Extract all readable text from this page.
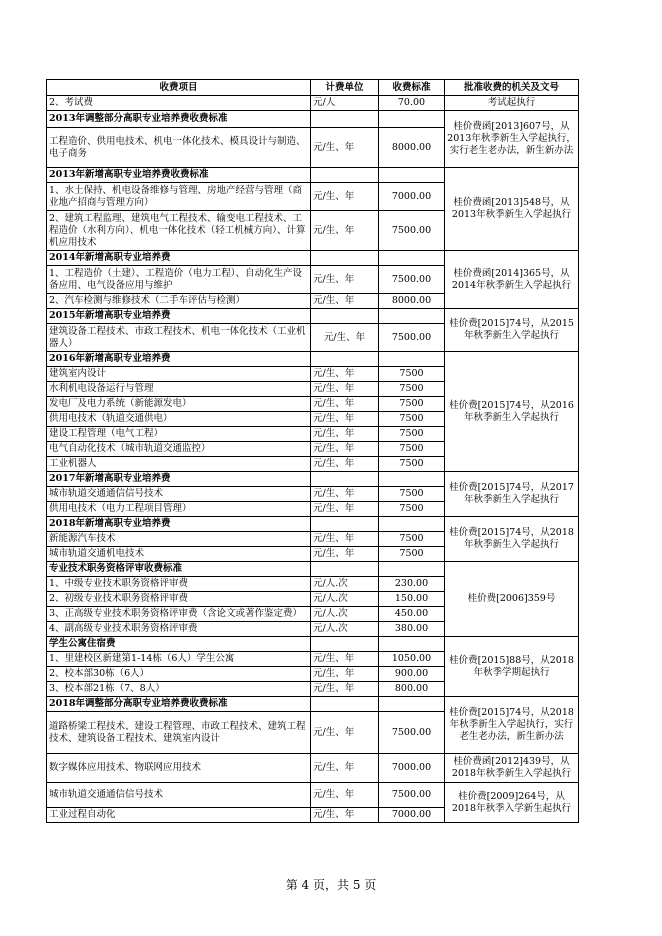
收费项目	计费单位	收费标准	批准收费的机关及文号
2、考试费	元/人	70.00	考试起执行
2013年调整部分高职专业培养费收费标准			桂价费函[2013]607号，从2013年秋季新生入学起执行，实行老生老办法，新生新办法
工程造价、供用电技术、机电一体化技术、模具设计与制造、电子商务	元/生、年	8000.00	
2013年新增高职专业培养费收费标准			桂价费函[2013]548号，从2013年秋季新生入学起执行
1、水土保持、机电设备维修与管理、房地产经营与管理（商业地产招商与管理方向）	元/生、年	7000.00	
2、建筑工程监理、建筑电气工程技术、输变电工程技术、工程造价（水利方向）、机电一体化技术（轻工机械方向）、计算机应用技术	元/生、年	7500.00	
2014年新增高职专业培养费			桂价费函[2014]365号，从2014年秋季新生入学起执行
1、工程造价（土建）、工程造价（电力工程）、自动化生产设备应用、电气设备应用与维护	元/生、年	7500.00	
2、汽车检测与维修技术（二手车评估与检测）	元/生、年	8000.00	
2015年新增高职专业培养费			桂价费[2015]74号，从2015年秋季新生入学起执行
建筑设备工程技术、市政工程技术、机电一体化技术（工业机器人）	元/生、年	7500.00	
2016年新增高职专业培养费			桂价费[2015]74号，从2016年秋季新生入学起执行
建筑室内设计	元/生、年	7500	
水利机电设备运行与管理	元/生、年	7500	
发电厂及电力系统（新能源发电）	元/生、年	7500	
供用电技术（轨道交通供电）	元/生、年	7500	
建设工程管理（电气工程）	元/生、年	7500	
电气自动化技术（城市轨道交通监控）	元/生、年	7500	
工业机器人	元/生、年	7500	
2017年新增高职专业培养费			桂价费[2015]74号，从2017年秋季新生入学起执行
城市轨道交通通信信号技术	元/生、年	7500	
供用电技术（电力工程项目管理）	元/生、年	7500	
2018年新增高职专业培养费			桂价费[2015]74号，从2018年秋季新生入学起执行
新能源汽车技术	元/生、年	7500	
城市轨道交通机电技术	元/生、年	7500	
专业技术职务资格评审收费标准			桂价费[2006]359号
1、中级专业技术职务资格评审费	元/人.次	230.00	
2、初级专业技术职务资格评审费	元/人.次	150.00	
3、正高级专业技术职务资格评审费（含论文或著作鉴定费）	元/人.次	450.00	
4、副高级专业技术职务资格评审费	元/人.次	380.00	
学生公寓住宿费			桂价费[2015]88号，从2018年秋季学期起执行
1、里建校区新建第1-14栋（6人）学生公寓	元/生、年	1050.00	
2、校本部30栋（6人）	元/生、年	900.00	
3、校本部21栋（7、8人）	元/生、年	800.00	
2018年调整部分高职专业培养费收费标准			桂价费[2015]74号，从2018年秋季新生入学起执行，实行老生老办法，新生新办法
道路桥梁工程技术、建设工程管理、市政工程技术、建筑工程技术、建筑设备工程技术、建筑室内设计	元/生、年	7500.00	
数字媒体应用技术、物联网应用技术	元/生、年	7000.00	桂价费函[2012]439号，从2018年秋季新生入学起执行
城市轨道交通通信信号技术	元/生、年	7500.00	桂价费[2009]264号，从2018年秋季入学新生起执行
工业过程自动化	元/生、年	7000.00	
第 4 页，共 5 页
